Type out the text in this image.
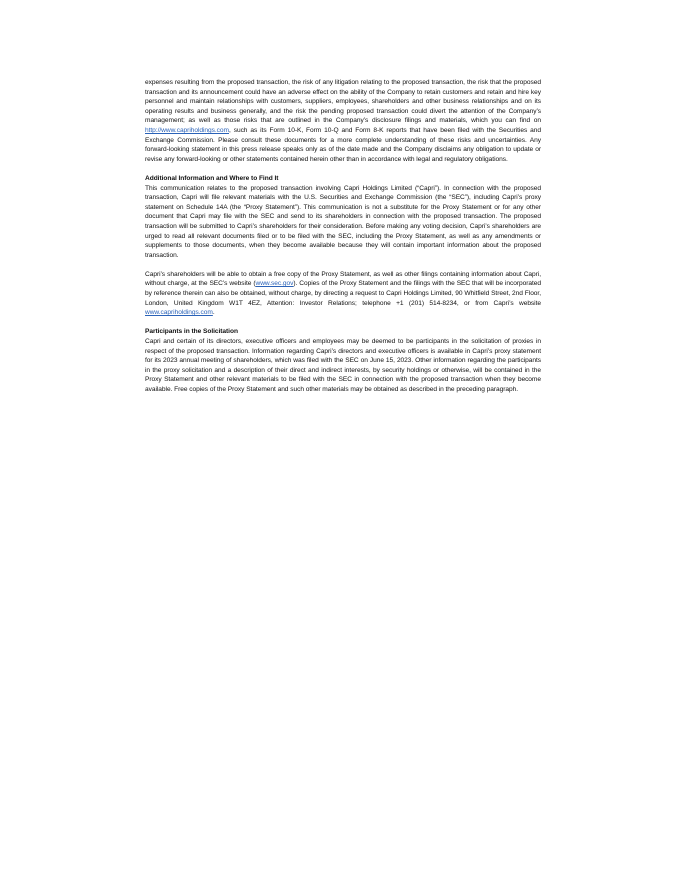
expenses resulting from the proposed transaction, the risk of any litigation relating to the proposed transaction, the risk that the proposed transaction and its announcement could have an adverse effect on the ability of the Company to retain customers and retain and hire key personnel and maintain relationships with customers, suppliers, employees, shareholders and other business relationships and on its operating results and business generally, and the risk the pending proposed transaction could divert the attention of the Company’s management; as well as those risks that are outlined in the Company’s disclosure filings and materials, which you can find on http://www.capriholdings.com, such as its Form 10-K, Form 10-Q and Form 8-K reports that have been filed with the Securities and Exchange Commission. Please consult these documents for a more complete understanding of these risks and uncertainties. Any forward-looking statement in this press release speaks only as of the date made and the Company disclaims any obligation to update or revise any forward-looking or other statements contained herein other than in accordance with legal and regulatory obligations.

Additional Information and Where to Find It

This communication relates to the proposed transaction involving Capri Holdings Limited (“Capri”). In connection with the proposed transaction, Capri will file relevant materials with the U.S. Securities and Exchange Commission (the “SEC”), including Capri’s proxy statement on Schedule 14A (the “Proxy Statement”). This communication is not a substitute for the Proxy Statement or for any other document that Capri may file with the SEC and send to its shareholders in connection with the proposed transaction. The proposed transaction will be submitted to Capri’s shareholders for their consideration. Before making any voting decision, Capri’s shareholders are urged to read all relevant documents filed or to be filed with the SEC, including the Proxy Statement, as well as any amendments or supplements to those documents, when they become available because they will contain important information about the proposed transaction.

Capri’s shareholders will be able to obtain a free copy of the Proxy Statement, as well as other filings containing information about Capri, without charge, at the SEC’s website (www.sec.gov). Copies of the Proxy Statement and the filings with the SEC that will be incorporated by reference therein can also be obtained, without charge, by directing a request to Capri Holdings Limited, 90 Whitfield Street, 2nd Floor, London, United Kingdom W1T 4EZ, Attention: Investor Relations; telephone +1 (201) 514-8234, or from Capri’s website www.capriholdings.com.

Participants in the Solicitation

Capri and certain of its directors, executive officers and employees may be deemed to be participants in the solicitation of proxies in respect of the proposed transaction. Information regarding Capri’s directors and executive officers is available in Capri’s proxy statement for its 2023 annual meeting of shareholders, which was filed with the SEC on June 15, 2023. Other information regarding the participants in the proxy solicitation and a description of their direct and indirect interests, by security holdings or otherwise, will be contained in the Proxy Statement and other relevant materials to be filed with the SEC in connection with the proposed transaction when they become available. Free copies of the Proxy Statement and such other materials may be obtained as described in the preceding paragraph.
